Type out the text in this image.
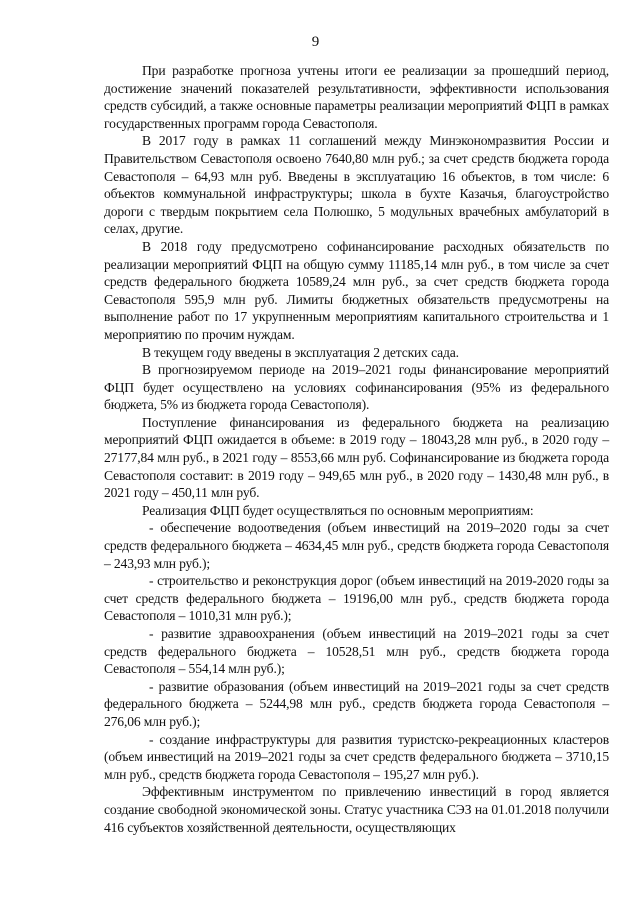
9

При разработке прогноза учтены итоги ее реализации за прошедший период, достижение значений показателей результативности, эффективности использования средств субсидий, а также основные параметры реализации мероприятий ФЦП в рамках государственных программ города Севастополя.

В 2017 году в рамках 11 соглашений между Минэкономразвития России и Правительством Севастополя освоено 7640,80 млн руб.; за счет средств бюджета города Севастополя – 64,93 млн руб. Введены в эксплуатацию 16 объектов, в том числе: 6 объектов коммунальной инфраструктуры; школа в бухте Казачья, благоустройство дороги с твердым покрытием села Полюшко, 5 модульных врачебных амбулаторий в селах, другие.

В 2018 году предусмотрено софинансирование расходных обязательств по реализации мероприятий ФЦП на общую сумму 11185,14 млн руб., в том числе за счет средств федерального бюджета 10589,24 млн руб., за счет средств бюджета города Севастополя 595,9 млн руб. Лимиты бюджетных обязательств предусмотрены на выполнение работ по 17 укрупненным мероприятиям капитального строительства и 1 мероприятию по прочим нуждам.

В текущем году введены в эксплуатация 2 детских сада.

В прогнозируемом периоде на 2019–2021 годы финансирование мероприятий ФЦП будет осуществлено на условиях софинансирования (95% из федерального бюджета, 5% из бюджета города Севастополя).

Поступление финансирования из федерального бюджета на реализацию мероприятий ФЦП ожидается в объеме: в 2019 году – 18043,28 млн руб., в 2020 году – 27177,84 млн руб., в 2021 году – 8553,66 млн руб. Софинансирование из бюджета города Севастополя составит: в 2019 году – 949,65 млн руб., в 2020 году – 1430,48 млн руб., в 2021 году – 450,11 млн руб.

Реализация ФЦП будет осуществляться по основным мероприятиям:

- обеспечение водоотведения (объем инвестиций на 2019–2020 годы за счет средств федерального бюджета – 4634,45 млн руб., средств бюджета города Севастополя – 243,93 млн руб.);

- строительство и реконструкция дорог (объем инвестиций на 2019-2020 годы за счет средств федерального бюджета – 19196,00 млн руб., средств бюджета города Севастополя – 1010,31 млн руб.);

- развитие здравоохранения (объем инвестиций на 2019–2021 годы за счет средств федерального бюджета – 10528,51 млн руб., средств бюджета города Севастополя – 554,14 млн руб.);

- развитие образования (объем инвестиций на 2019–2021 годы за счет средств федерального бюджета – 5244,98 млн руб., средств бюджета города Севастополя – 276,06 млн руб.);

- создание инфраструктуры для развития туристско-рекреационных кластеров (объем инвестиций на 2019–2021 годы за счет средств федерального бюджета – 3710,15 млн руб., средств бюджета города Севастополя – 195,27 млн руб.).

Эффективным инструментом по привлечению инвестиций в город является создание свободной экономической зоны. Статус участника СЭЗ на 01.01.2018 получили 416 субъектов хозяйственной деятельности, осуществляющих
